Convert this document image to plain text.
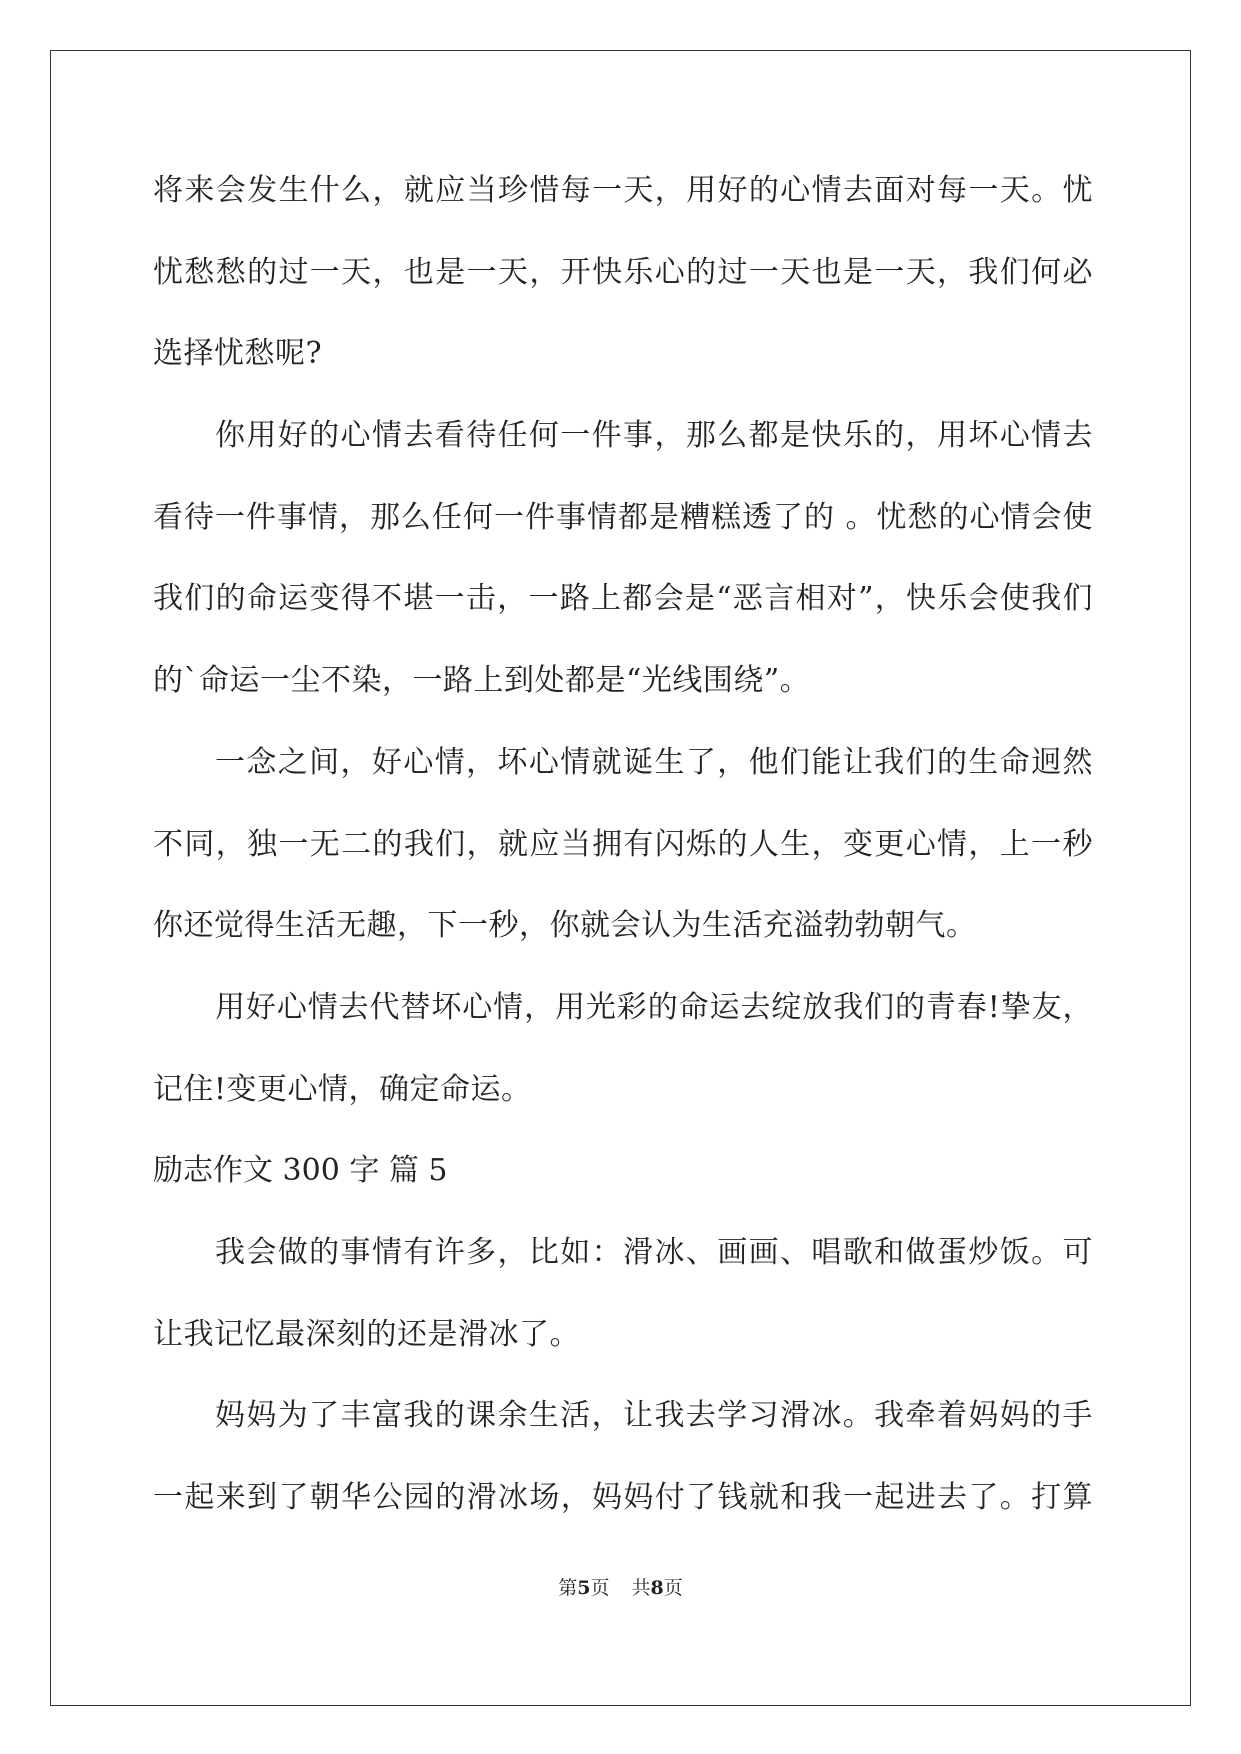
将来会发生什么，就应当珍惜每一天，用好的心情去面对每一天。忧
忧愁愁的过一天，也是一天，开快乐心的过一天也是一天，我们何必
选择忧愁呢?
你用好的心情去看待任何一件事，那么都是快乐的，用坏心情去
看待一件事情，那么任何一件事情都是糟糕透了的 。忧愁的心情会使
我们的命运变得不堪一击，一路上都会是“恶言相对”，快乐会使我们
的`命运一尘不染，一路上到处都是“光线围绕”。
一念之间，好心情，坏心情就诞生了，他们能让我们的生命迥然
不同，独一无二的我们，就应当拥有闪烁的人生，变更心情，上一秒
你还觉得生活无趣，下一秒，你就会认为生活充溢勃勃朝气。
用好心情去代替坏心情，用光彩的命运去绽放我们的青春!挚友，
记住!变更心情，确定命运。
励志作文 300 字 篇 5
我会做的事情有许多，比如：滑冰、画画、唱歌和做蛋炒饭。可
让我记忆最深刻的还是滑冰了。
妈妈为了丰富我的课余生活，让我去学习滑冰。我牵着妈妈的手
一起来到了朝华公园的滑冰场，妈妈付了钱就和我一起进去了。打算
第5页 共8页
